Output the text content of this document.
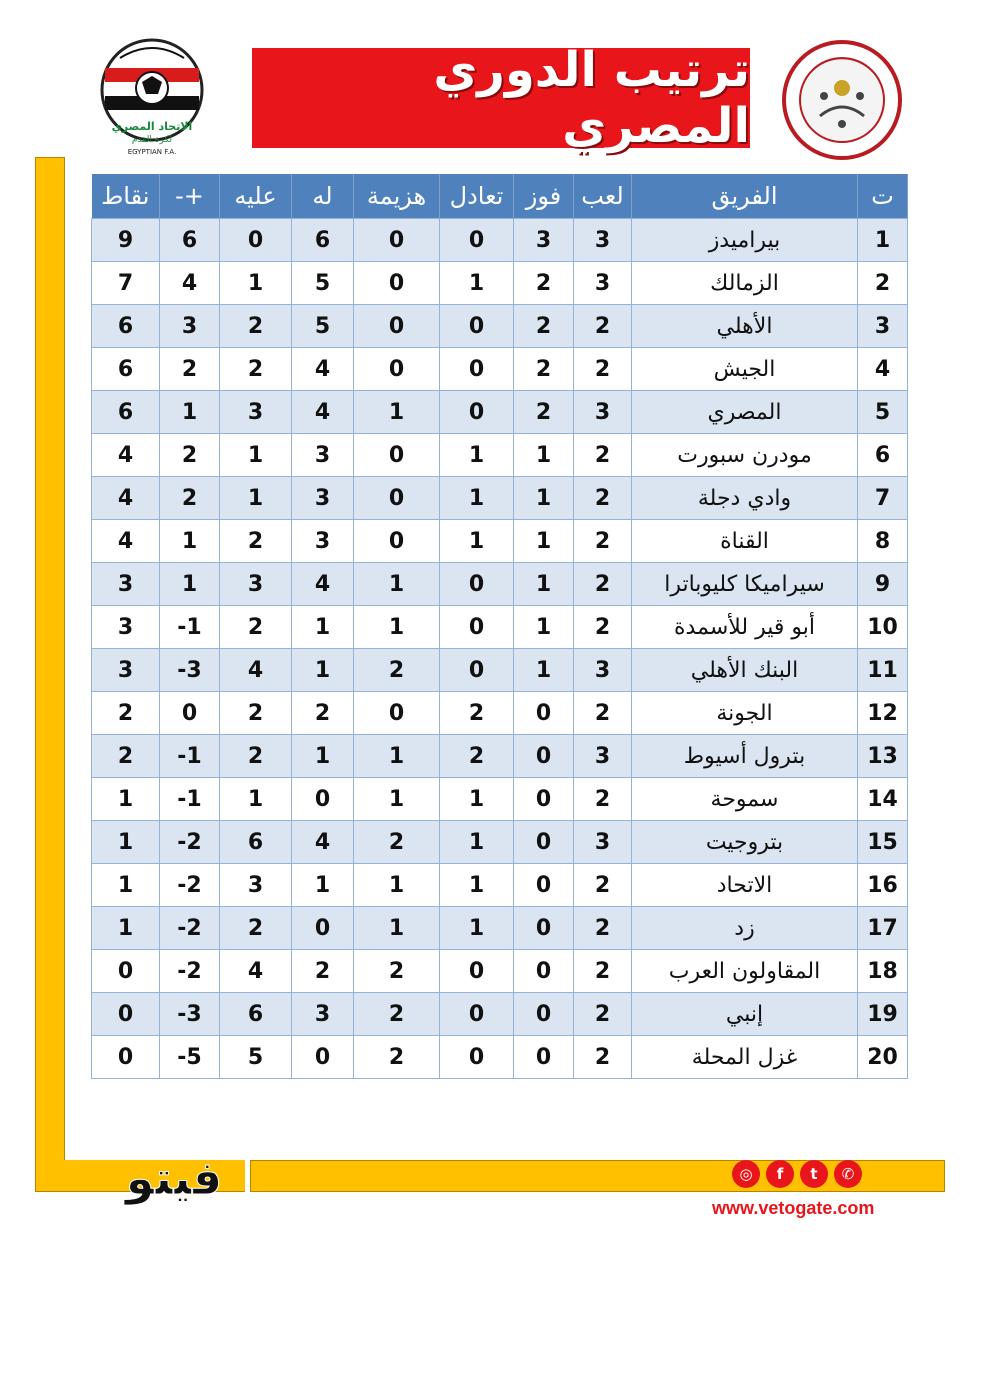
الاتحاد المصري
لكرة القدم
EGYPTIAN F.A.
ترتيب الدوري المصري
ت	الفريق	لعب	فوز	تعادل	هزيمة	له	عليه	+-	نقاط
1	بيراميدز	3	3	0	0	6	0	6	9
2	الزمالك	3	2	1	0	5	1	4	7
3	الأهلي	2	2	0	0	5	2	3	6
4	الجيش	2	2	0	0	4	2	2	6
5	المصري	3	2	0	1	4	3	1	6
6	مودرن سبورت	2	1	1	0	3	1	2	4
7	وادي دجلة	2	1	1	0	3	1	2	4
8	القناة	2	1	1	0	3	2	1	4
9	سيراميكا كليوباترا	2	1	0	1	4	3	1	3
10	أبو قير للأسمدة	2	1	0	1	1	2	1-	3
11	البنك الأهلي	3	1	0	2	1	4	3-	3
12	الجونة	2	0	2	0	2	2	0	2
13	بترول أسيوط	3	0	2	1	1	2	1-	2
14	سموحة	2	0	1	1	0	1	1-	1
15	بتروجيت	3	0	1	2	4	6	2-	1
16	الاتحاد	2	0	1	1	1	3	2-	1
17	زد	2	0	1	1	0	2	2-	1
18	المقاولون العرب	2	0	0	2	2	4	2-	0
19	إنبي	2	0	0	2	3	6	3-	0
20	غزل المحلة	2	0	0	2	0	5	5-	0
فيتو	◎	f	t	✆
www.vetogate.com
